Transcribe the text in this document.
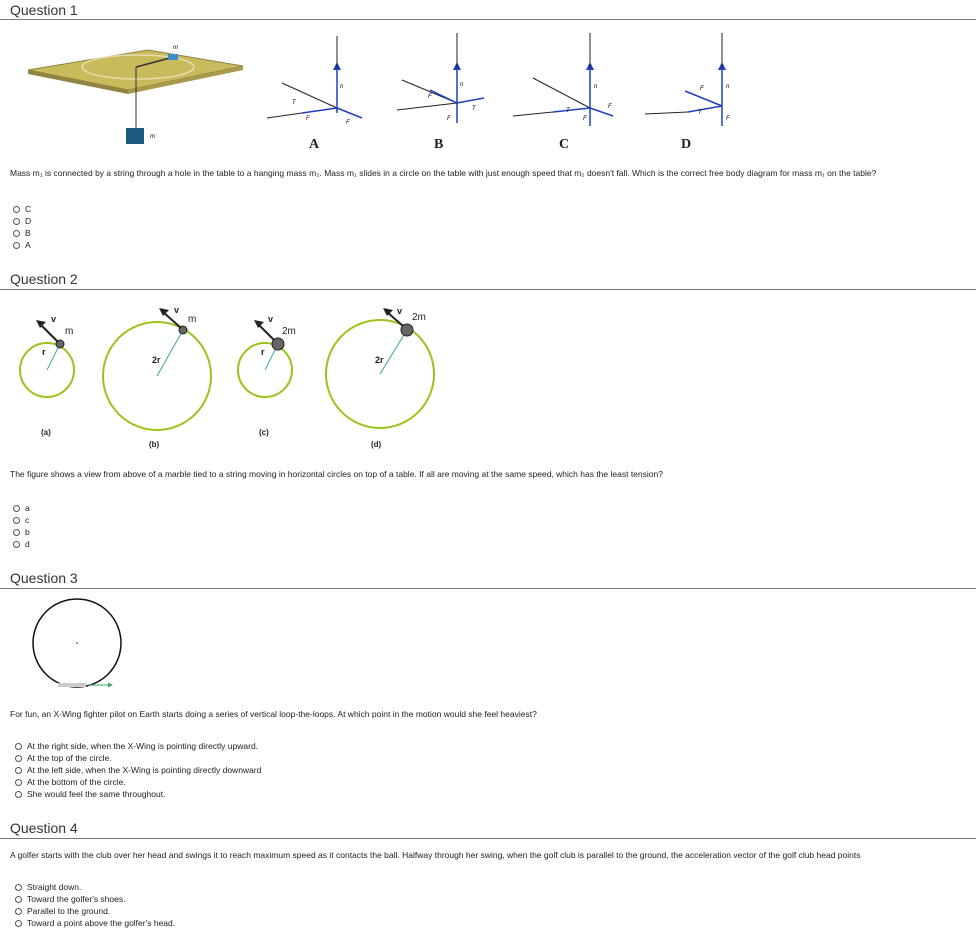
Question 1
m
m
T
n
F
F
A
F
n
T
F
B
n
T
F
F
C
F	n
T
F
D
Mass m₁ is connected by a string through a hole in the table to a hanging mass m₂. Mass m₁ slides in a circle on the table with just enough speed that m₂ doesn't fall. Which is the correct free body diagram for mass m₁ on the table?
C
D
B
A
Question 2
v
m
r
(a)
v
m
2r
(b)
v
2m
r
(c)
v
2m
2r
(d)
The figure shows a view from above of a marble tied to a string moving in horizontal circles on top of a table. If all are moving at the same speed, which has the least tension?
a
c
b
d
Question 3
For fun, an X-Wing fighter pilot on Earth starts doing a series of vertical loop-the-loops. At which point in the motion would she feel heaviest?
At the right side, when the X-Wing is pointing directly upward.
At the top of the circle.
At the left side, when the X-Wing is pointing directly downward
At the bottom of the circle.
She would feel the same throughout.
Question 4
A golfer starts with the club over her head and swings it to reach maximum speed as it contacts the ball. Halfway through her swing, when the golf club is parallel to the ground, the acceleration vector of the golf club head points
Straight down.
Toward the golfer's shoes.
Parallel to the ground.
Toward a point above the golfer's head.
